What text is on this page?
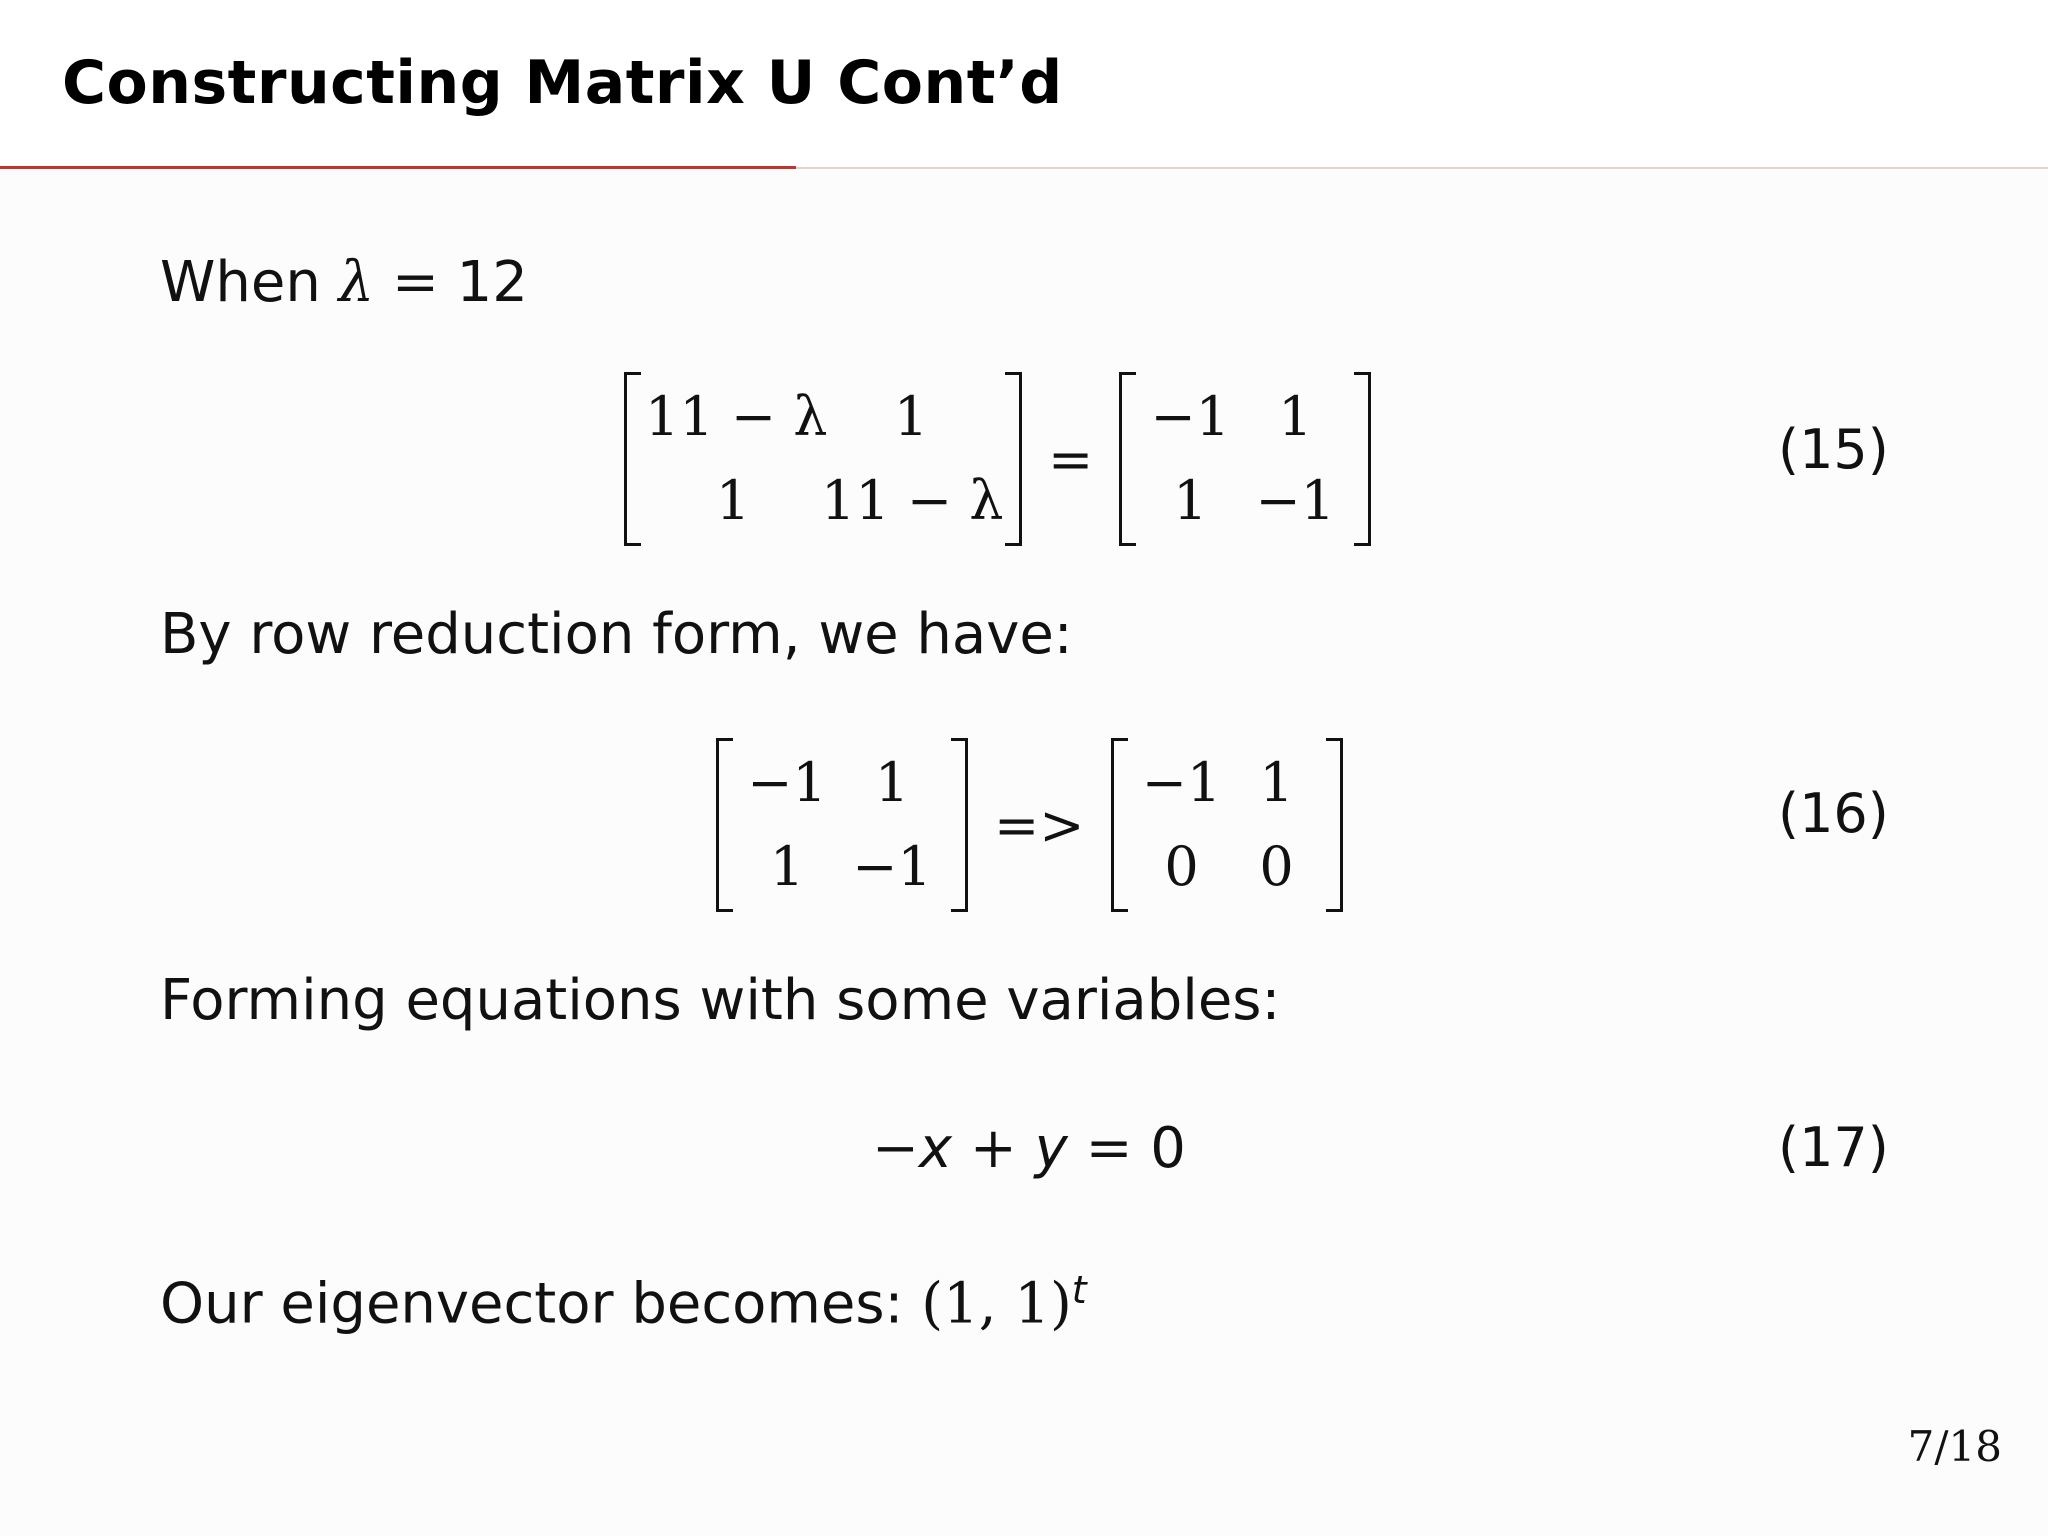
Constructing Matrix U Cont’d
When λ = 12
11 − λ	1
1	11 − λ
=
−1 1
1 −1
(15)
By row reduction form, we have:
−1 1
1 −1
=>
−1 1
0	0
(16)
Forming equations with some variables:
−x + y = 0	(17)
Our eigenvector becomes: (1, 1)$^t$
7/18
